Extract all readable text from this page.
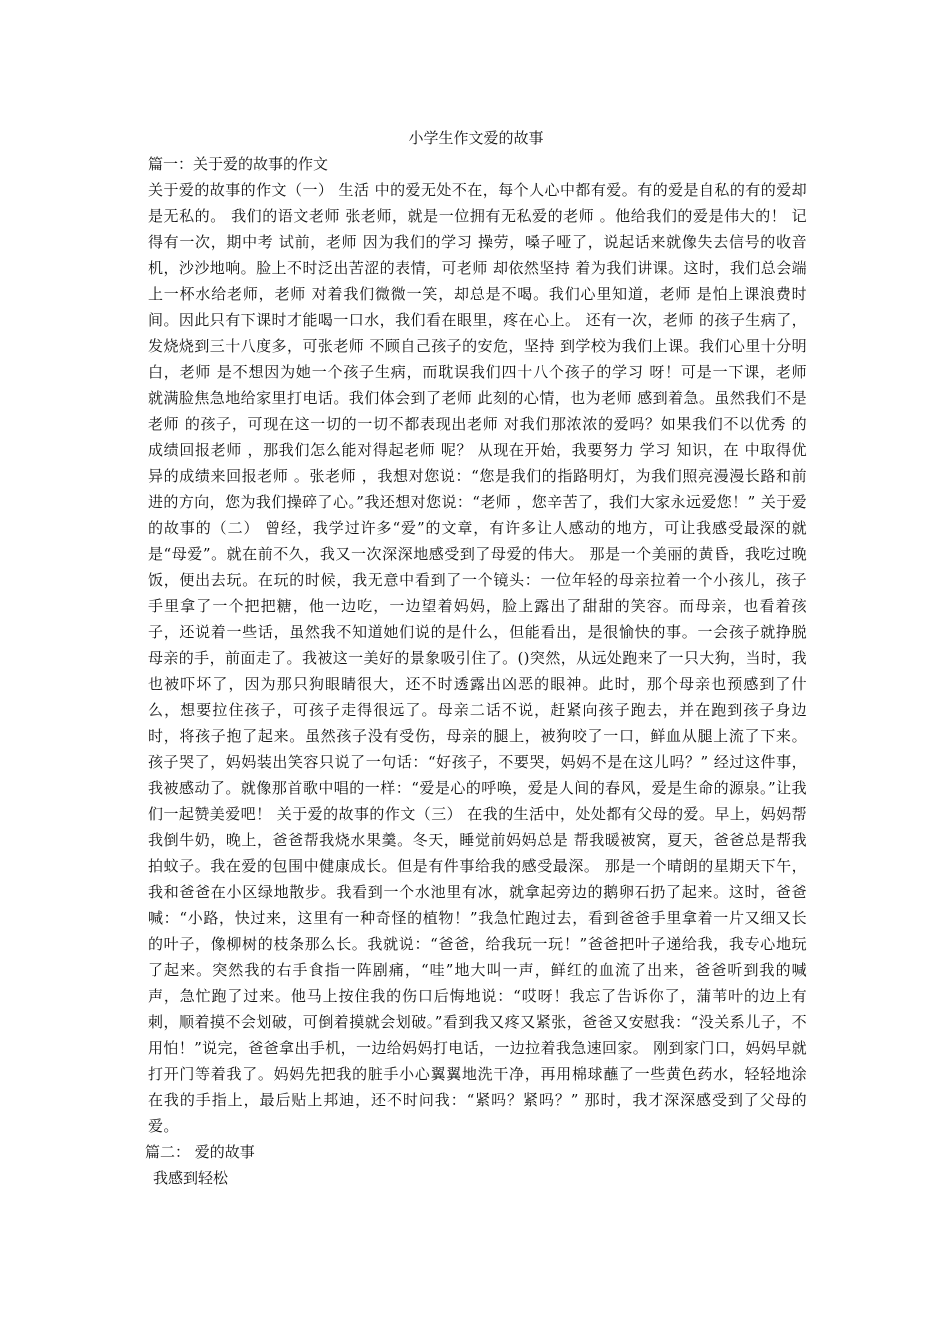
小学生作文爱的故事
篇一：关于爱的故事的作文

关于爱的故事的作文（一） 生活 中的爱无处不在，每个人心中都有爱。有的爱是自私的有的爱却是无私的。 我们的语文老师 张老师，就是一位拥有无私爱的老师 。他给我们的爱是伟大的！ 记得有一次，期中考 试前，老师 因为我们的学习 操劳，嗓子哑了，说起话来就像失去信号的收音机，沙沙地响。脸上不时泛出苦涩的表情，可老师 却依然坚持 着为我们讲课。这时，我们总会端上一杯水给老师，老师 对着我们微微一笑，却总是不喝。我们心里知道，老师 是怕上课浪费时间。因此只有下课时才能喝一口水，我们看在眼里，疼在心上。 还有一次，老师 的孩子生病了，发烧烧到三十八度多，可张老师 不顾自己孩子的安危，坚持 到学校为我们上课。我们心里十分明白，老师 是不想因为她一个孩子生病，而耽误我们四十八个孩子的学习 呀！可是一下课，老师 就满脸焦急地给家里打电话。我们体会到了老师 此刻的心情，也为老师 感到着急。虽然我们不是老师 的孩子，可现在这一切的一切不都表现出老师 对我们那浓浓的爱吗？如果我们不以优秀 的成绩回报老师 ，那我们怎么能对得起老师 呢？ 从现在开始，我要努力 学习 知识，在 中取得优异的成绩来回报老师 。张老师 ，我想对您说：“您是我们的指路明灯，为我们照亮漫漫长路和前进的方向，您为我们操碎了心。”我还想对您说：“老师 ，您辛苦了，我们大家永远爱您！” 关于爱的故事的（二） 曾经，我学过许多“爱”的文章，有许多让人感动的地方，可让我感受最深的就是“母爱”。就在前不久，我又一次深深地感受到了母爱的伟大。 那是一个美丽的黄昏，我吃过晚饭，便出去玩。在玩的时候，我无意中看到了一个镜头：一位年轻的母亲拉着一个小孩儿，孩子手里拿了一个把把糖，他一边吃，一边望着妈妈，脸上露出了甜甜的笑容。而母亲，也看着孩子，还说着一些话，虽然我不知道她们说的是什么，但能看出，是很愉快的事。一会孩子就挣脱母亲的手，前面走了。我被这一美好的景象吸引住了。()突然，从远处跑来了一只大狗，当时，我也被吓坏了，因为那只狗眼睛很大，还不时透露出凶恶的眼神。此时，那个母亲也预感到了什么，想要拉住孩子，可孩子走得很远了。母亲二话不说，赶紧向孩子跑去，并在跑到孩子身边时，将孩子抱了起来。虽然孩子没有受伤，母亲的腿上，被狗咬了一口，鲜血从腿上流了下来。孩子哭了，妈妈装出笑容只说了一句话：“好孩子，不要哭，妈妈不是在这儿吗？” 经过这件事，我被感动了。就像那首歌中唱的一样：“爱是心的呼唤，爱是人间的春风，爱是生命的源泉。”让我们一起赞美爱吧！ 关于爱的故事的作文（三） 在我的生活中，处处都有父母的爱。早上，妈妈帮我倒牛奶，晚上，爸爸帮我烧水果羹。冬天，睡觉前妈妈总是 帮我暖被窝，夏天，爸爸总是帮我拍蚊子。我在爱的包围中健康成长。但是有件事给我的感受最深。 那是一个晴朗的星期天下午，我和爸爸在小区绿地散步。我看到一个水池里有冰，就拿起旁边的鹅卵石扔了起来。这时，爸爸喊：“小路，快过来，这里有一种奇怪的植物！”我急忙跑过去，看到爸爸手里拿着一片又细又长的叶子，像柳树的枝条那么长。我就说：“爸爸，给我玩一玩！”爸爸把叶子递给我，我专心地玩了起来。突然我的右手食指一阵剧痛，“哇”地大叫一声，鲜红的血流了出来，爸爸听到我的喊声，急忙跑了过来。他马上按住我的伤口后悔地说：“哎呀！我忘了告诉你了，蒲苇叶的边上有刺，顺着摸不会划破，可倒着摸就会划破。”看到我又疼又紧张，爸爸又安慰我：“没关系儿子，不用怕！”说完，爸爸拿出手机，一边给妈妈打电话，一边拉着我急速回家。 刚到家门口，妈妈早就打开门等着我了。妈妈先把我的脏手小心翼翼地洗干净，再用棉球蘸了一些黄色药水，轻轻地涂在我的手指上，最后贴上邦迪，还不时问我：“紧吗？紧吗？” 那时，我才深深感受到了父母的爱。

篇二： 爱的故事
我感到轻松
